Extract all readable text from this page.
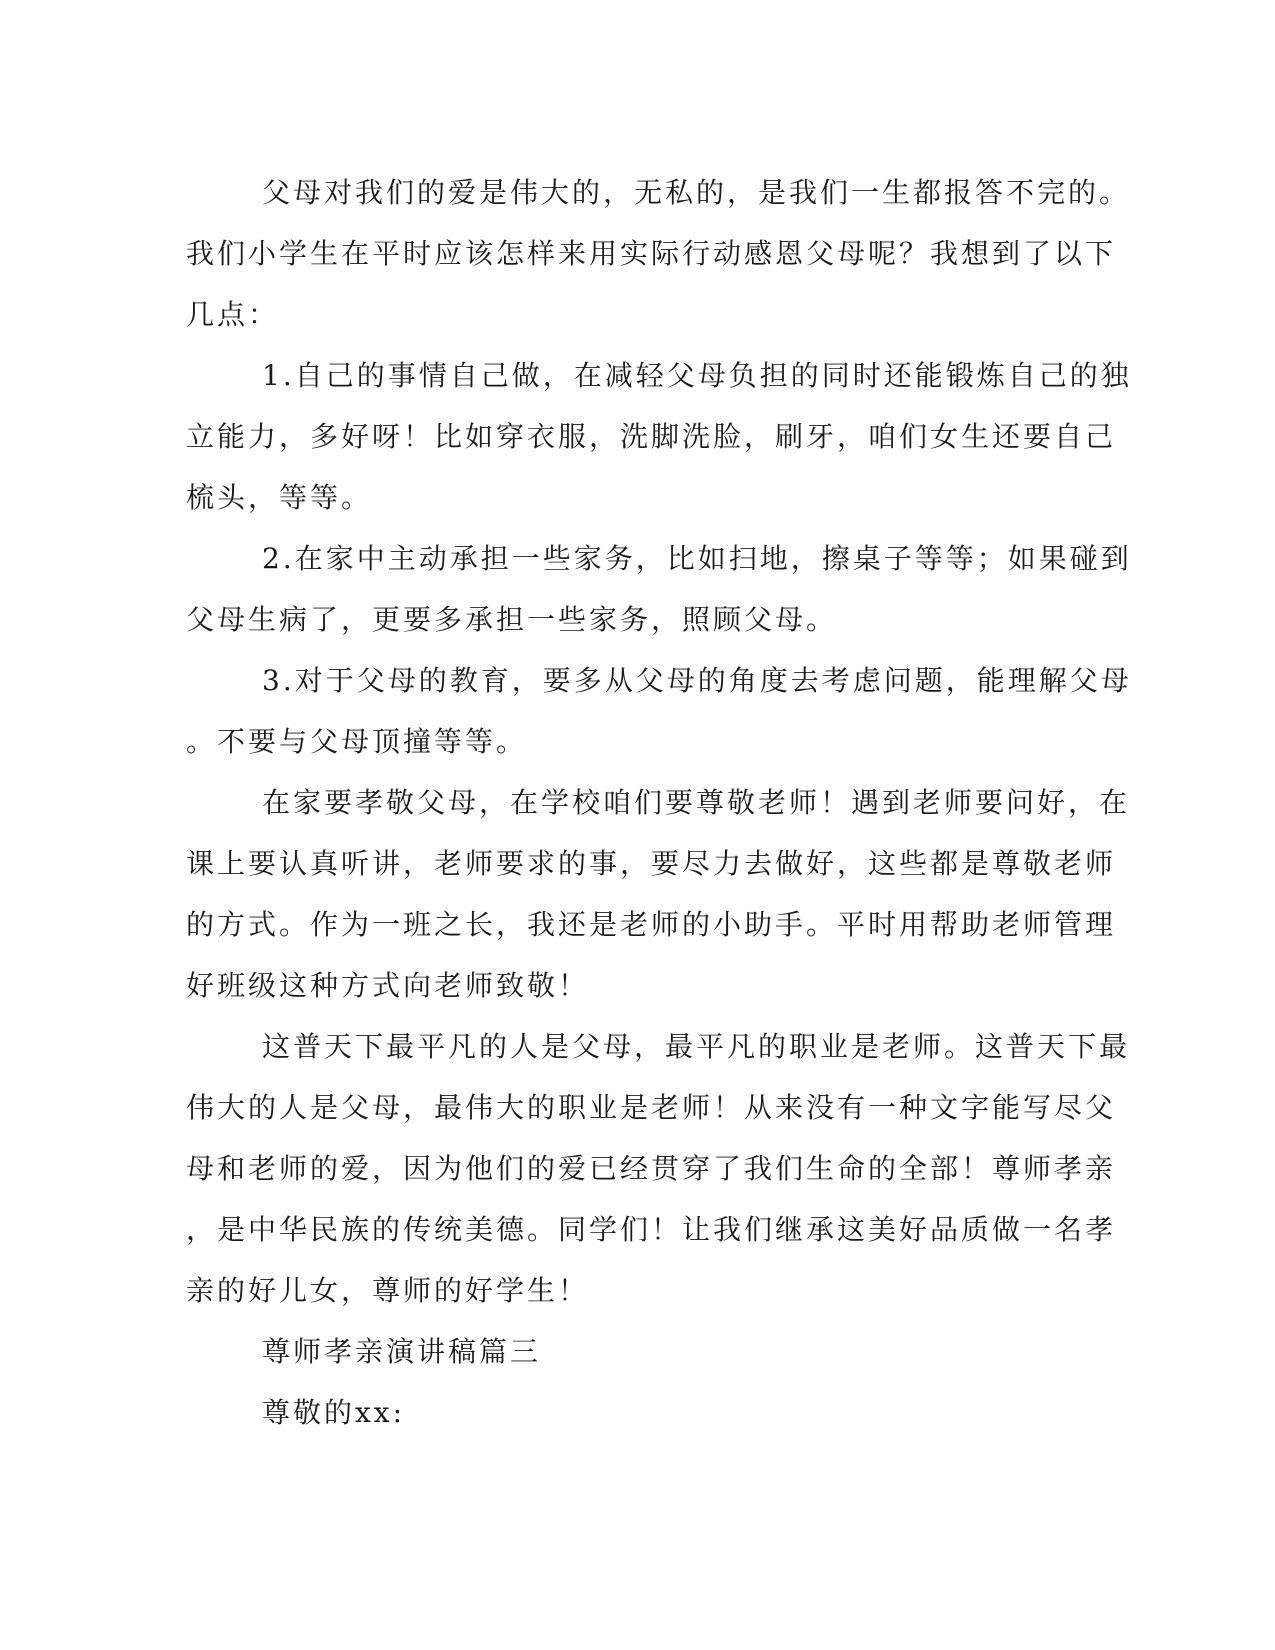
父母对我们的爱是伟大的，无私的，是我们一生都报答不完的。
我们小学生在平时应该怎样来用实际行动感恩父母呢？我想到了以下
几点：

1.自己的事情自己做，在减轻父母负担的同时还能锻炼自己的独
立能力，多好呀！比如穿衣服，洗脚洗脸，刷牙，咱们女生还要自己
梳头，等等。

2.在家中主动承担一些家务，比如扫地，擦桌子等等；如果碰到
父母生病了，更要多承担一些家务，照顾父母。

3.对于父母的教育，要多从父母的角度去考虑问题，能理解父母
。不要与父母顶撞等等。

在家要孝敬父母，在学校咱们要尊敬老师！遇到老师要问好，在
课上要认真听讲，老师要求的事，要尽力去做好，这些都是尊敬老师
的方式。作为一班之长，我还是老师的小助手。平时用帮助老师管理
好班级这种方式向老师致敬！

这普天下最平凡的人是父母，最平凡的职业是老师。这普天下最
伟大的人是父母，最伟大的职业是老师！从来没有一种文字能写尽父
母和老师的爱，因为他们的爱已经贯穿了我们生命的全部！尊师孝亲
，是中华民族的传统美德。同学们！让我们继承这美好品质做一名孝
亲的好儿女，尊师的好学生！

尊师孝亲演讲稿篇三

尊敬的xx:
